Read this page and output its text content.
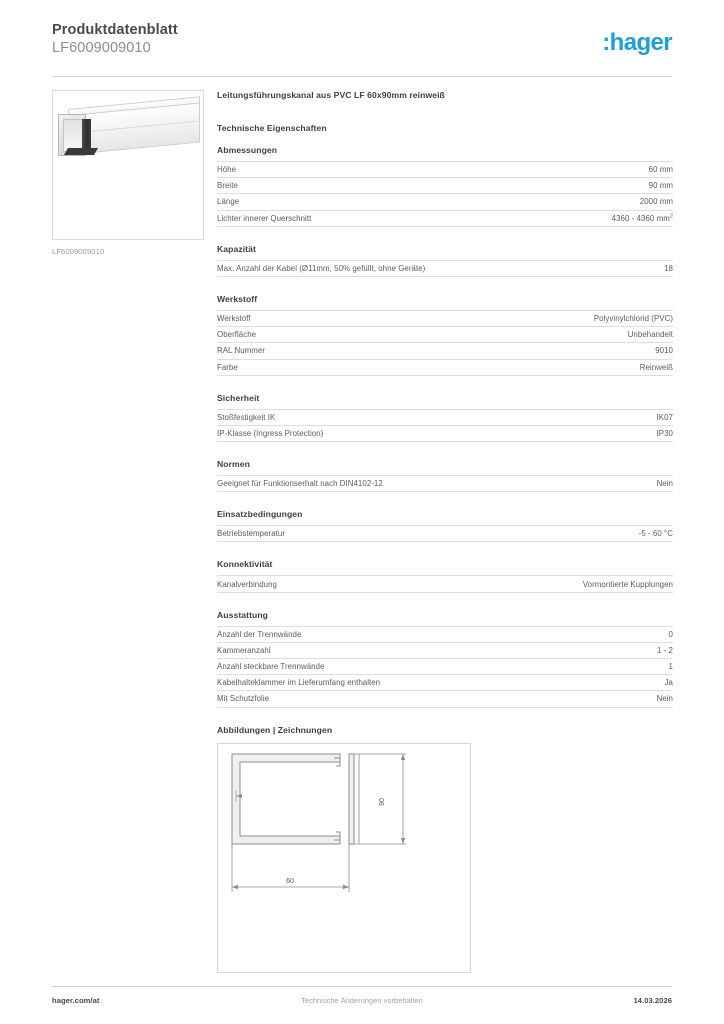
Produktdatenblatt
LF6009009010	:hager
LF6009009010
Leitungsführungskanal aus PVC LF 60x90mm reinweiß
Technische Eigenschaften
Abmessungen
Höhe	60 mm
Breite	90 mm
Länge	2000 mm
Lichter innerer Querschnitt	4360 - 4360 $mm^2$
Kapazität
Max. Anzahl der Kabel (Ø11mm, 50% gefüllt, ohne Geräte)	18
Werkstoff
Werkstoff	Polyvinylchlorid (PVC)
Oberfläche	Unbehandelt
RAL Nummer	9010
Farbe	Reinweiß
Sicherheit
Stoßfestigkeit IK	IK07
IP-Klasse (Ingress Protection)	IP30
Normen
Geeignet für Funktionserhalt nach DIN4102-12	Nein
Einsatzbedingungen
Betriebstemperatur	-5 - 60 °C
Konnektivität
Kanalverbindung	Vormontierte Kupplungen
Ausstattung
Anzahl der Trennwände	0
Kammeranzahl	1 - 2
Anzahl steckbare Trennwände	1
Kabelhalteklammer im Lieferumfang enthalten	Ja
Mit Schutzfolie	Nein
Abbildungen | Zeichnungen
90
60
hager.com/at	Technische Änderungen vorbehalten	14.03.2026
